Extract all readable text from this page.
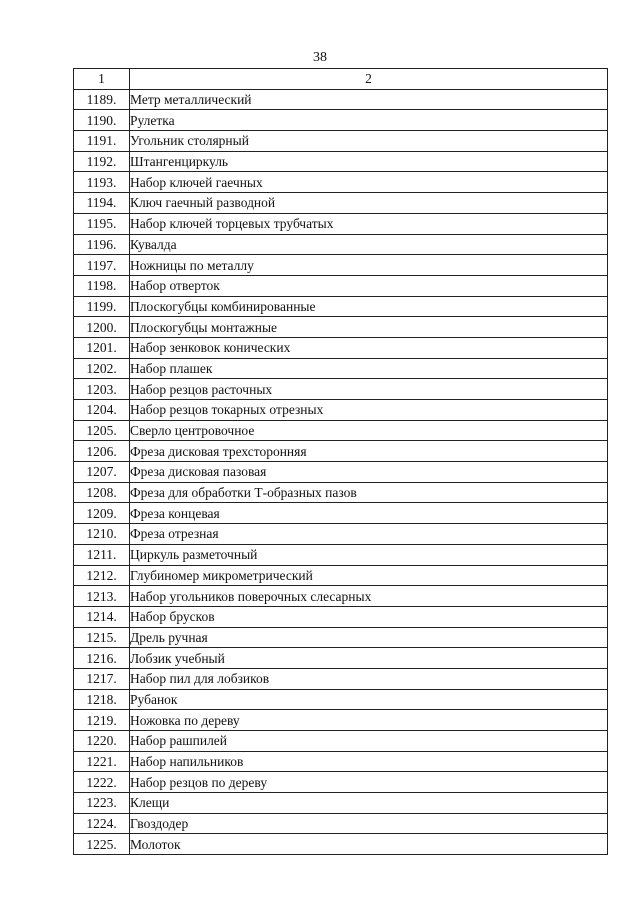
38
1	2
1189.	Метр металлический
1190.	Рулетка
1191.	Угольник столярный
1192.	Штангенциркуль
1193.	Набор ключей гаечных
1194.	Ключ гаечный разводной
1195.	Набор ключей торцевых трубчатых
1196.	Кувалда
1197.	Ножницы по металлу
1198.	Набор отверток
1199.	Плоскогубцы комбинированные
1200.	Плоскогубцы монтажные
1201.	Набор зенковок конических
1202.	Набор плашек
1203.	Набор резцов расточных
1204.	Набор резцов токарных отрезных
1205.	Сверло центровочное
1206.	Фреза дисковая трехсторонняя
1207.	Фреза дисковая пазовая
1208.	Фреза для обработки Т-образных пазов
1209.	Фреза концевая
1210.	Фреза отрезная
1211.	Циркуль разметочный
1212.	Глубиномер микрометрический
1213.	Набор угольников поверочных слесарных
1214.	Набор брусков
1215.	Дрель ручная
1216.	Лобзик учебный
1217.	Набор пил для лобзиков
1218.	Рубанок
1219.	Ножовка по дереву
1220.	Набор рашпилей
1221.	Набор напильников
1222.	Набор резцов по дереву
1223.	Клещи
1224.	Гвоздодер
1225.	Молоток
